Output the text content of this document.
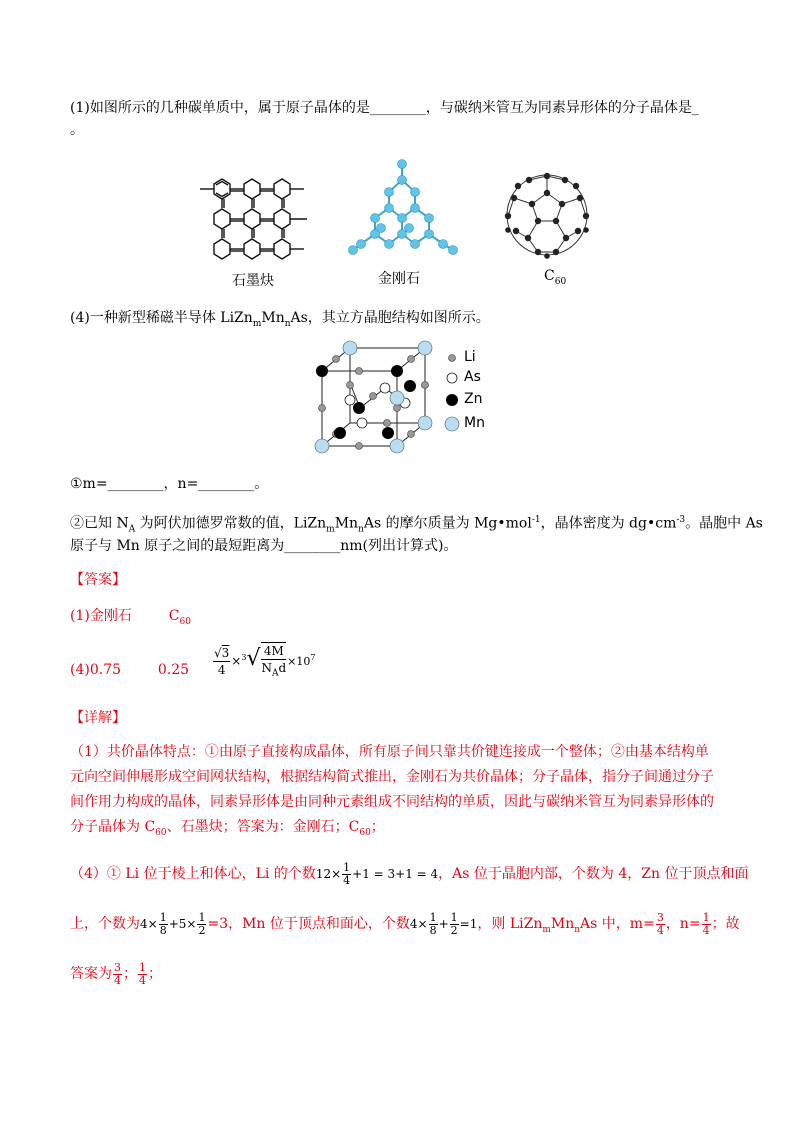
(1)如图所示的几种碳单质中，属于原子晶体的是________，与碳纳米管互为同素异形体的分子晶体是_
。
石墨炔	金刚石	$C_{60}$
(4)一种新型稀磁半导体 $LiZn_mMn_nAs$，其立方晶胞结构如图所示。
Li
As
Zn
Mn
①m=________，n=________。
②已知 $N_A$ 为阿伏加德罗常数的值，$LiZn_mMn_nAs$ 的摩尔质量为 Mg•mol$^{-1}$，晶体密度为 $dg•cm^{-3}$。晶胞中 As
原子与 Mn 原子之间的最短距离为________nm(列出计算式)。
【答案】
(1)金刚石	$C_{60}$
(4)0.75	$0.25 \frac{√3}{4} \times^3√ \frac{4M}{N_Ad} \times 10^7$
【详解】
（1）共价晶体特点：①由原子直接构成晶体，所有原子间只靠共价键连接成一个整体；②由基本结构单
元向空间伸展形成空间网状结构，根据结构简式推出，金刚石为共价晶体；分子晶体，指分子间通过分子
间作用力构成的晶体，同素异形体是由同种元素组成不同结构的单质，因此与碳纳米管互为同素异形体的
分子晶体为 $C_{60}$、石墨炔；答案为：金刚石；$C_{60}$；
（4）① Li 位于棱上和体心，Li 的个数$12\times \frac{1}{4} +1 = 3+1 = 4$，As 位于晶胞内部，个数为 4，Zn 位于顶点和面
上，个数为$4\times \frac{1}{8} +5\times \frac{1}{2} =3$，Mn 位于顶点和面心，个数$4\times \frac{1}{8} + \frac{1}{2} =1$，则 $LiZn_mMn_nAs$ 中，$m= \frac{3}{4}$ ，$n= \frac{1}{4}$ ；故
答案为 $\frac{3}{4}$ ； $\frac{1}{4}$ ；
